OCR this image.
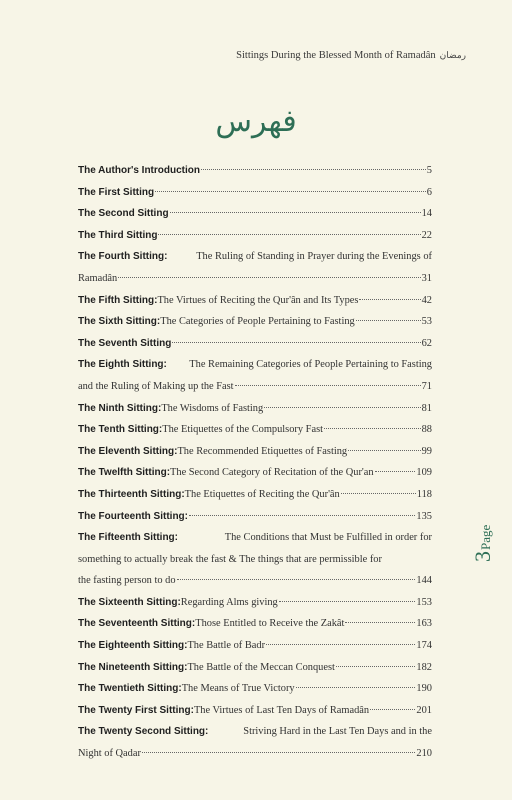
Sittings During the Blessed Month of Ramadân رمضان
فهرس
The Author's Introduction	5
The First Sitting	6
The Second Sitting	14
The Third Sitting	22
The Fourth Sitting:
	The Ruling of Standing in Prayer during the Evenings of
Ramadân	31
The Fifth Sitting: The Virtues of Reciting the Qur'ân and Its Types	42
The Sixth Sitting: The Categories of People Pertaining to Fasting	53
The Seventh Sitting	62
The Eighth Sitting:
The Remaining Categories of People Pertaining to Fasting
and the Ruling of Making up the Fast	71
The Ninth Sitting: The Wisdoms of Fasting	81
The Tenth Sitting: The Etiquettes of the Compulsory Fast	88
The Eleventh Sitting: The Recommended Etiquettes of Fasting	99
The Twelfth Sitting: The Second Category of Recitation of the Qur'an	109
The Thirteenth Sitting: The Etiquettes of Reciting the Qur'ân	118
The Fourteenth Sitting:	135
The Fifteenth Sitting:
	The Conditions that Must be Fulfilled in order for
something to actually break the fast & The things that are permissible for
the fasting person to do	144
The Sixteenth Sitting: Regarding Alms giving	153
The Seventeenth Sitting: Those Entitled to Receive the Zakât	163
The Eighteenth Sitting: The Battle of Badr	174
The Nineteenth Sitting: The Battle of the Meccan Conquest	182
The Twentieth Sitting: The Means of True Victory	190
The Twenty First Sitting: The Virtues of Last Ten Days of Ramadân	201
The Twenty Second Sitting:
	Striving Hard in the Last Ten Days and in the
Night of Qadar	210
3Page
